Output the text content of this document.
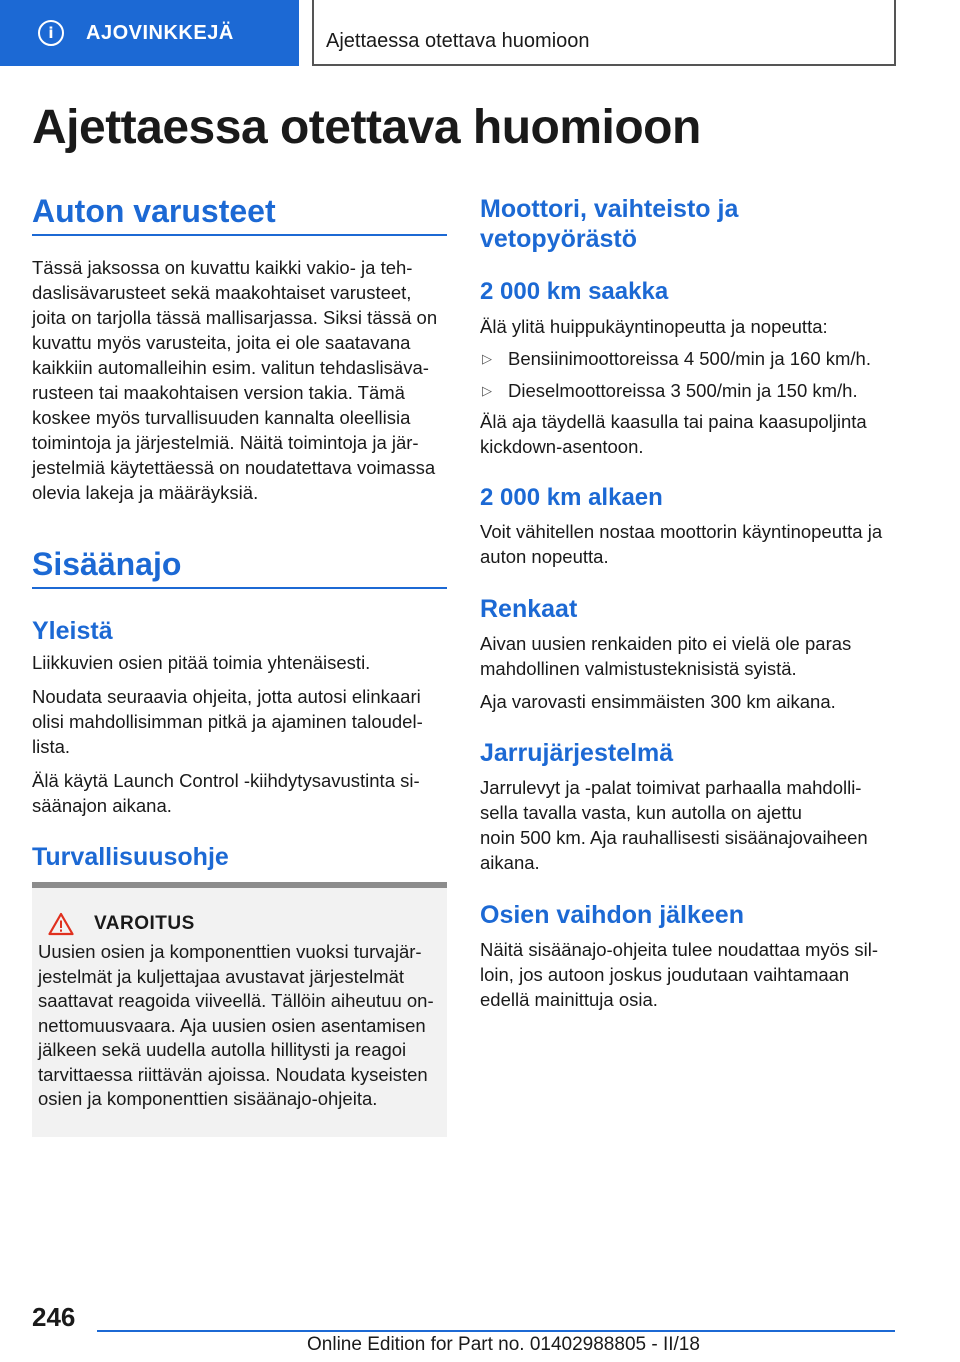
i	AJOVINKKEJÄ	Ajettaessa otettava huomioon
Ajettaessa otettava huomioon
Auton varusteet
Tässä jaksossa on kuvattu kaikki vakio- ja teh-
daslisävarusteet sekä maakohtaiset varusteet,
joita on tarjolla tässä mallisarjassa. Siksi tässä on
kuvattu myös varusteita, joita ei ole saatavana
kaikkiin automalleihin esim. valitun tehdaslisäva-
rusteen tai maakohtaisen version takia. Tämä
koskee myös turvallisuuden kannalta oleellisia
toimintoja ja järjestelmiä. Näitä toimintoja ja jär-
jestelmiä käytettäessä on noudatettava voimassa
olevia lakeja ja määräyksiä.
Sisäänajo
Yleistä
Liikkuvien osien pitää toimia yhtenäisesti.
Noudata seuraavia ohjeita, jotta autosi elinkaari
olisi mahdollisimman pitkä ja ajaminen taloudel-
lista.
Älä käytä Launch Control -kiihdytysavustinta si-
säänajon aikana.
Turvallisuusohje
VAROITUS
Uusien osien ja komponenttien vuoksi turvajär-
jestelmät ja kuljettajaa avustavat järjestelmät
saattavat reagoida viiveellä. Tällöin aiheutuu on-
nettomuusvaara. Aja uusien osien asentamisen
jälkeen sekä uudella autolla hillitysti ja reagoi
tarvittaessa riittävän ajoissa. Noudata kyseisten
osien ja komponenttien sisäänajo-ohjeita.
Moottori, vaihteisto ja
vetopyörästö
2 000 km saakka
Älä ylitä huippukäyntinopeutta ja nopeutta:
▷ Bensiinimoottoreissa 4 500/min ja 160 km/h.
▷ Dieselmoottoreissa 3 500/min ja 150 km/h.
Älä aja täydellä kaasulla tai paina kaasupoljinta
kickdown-asentoon.
2 000 km alkaen
Voit vähitellen nostaa moottorin käyntinopeutta ja
auton nopeutta.
Renkaat
Aivan uusien renkaiden pito ei vielä ole paras
mahdollinen valmistusteknisistä syistä.
Aja varovasti ensimmäisten 300 km aikana.
Jarrujärjestelmä
Jarrulevyt ja -palat toimivat parhaalla mahdolli-
sella tavalla vasta, kun autolla on ajettu
noin 500 km. Aja rauhallisesti sisäänajovaiheen
aikana.
Osien vaihdon jälkeen
Näitä sisäänajo-ohjeita tulee noudattaa myös sil-
loin, jos autoon joskus joudutaan vaihtamaan
edellä mainittuja osia.
246
Online Edition for Part no. 01402988805 - II/18
